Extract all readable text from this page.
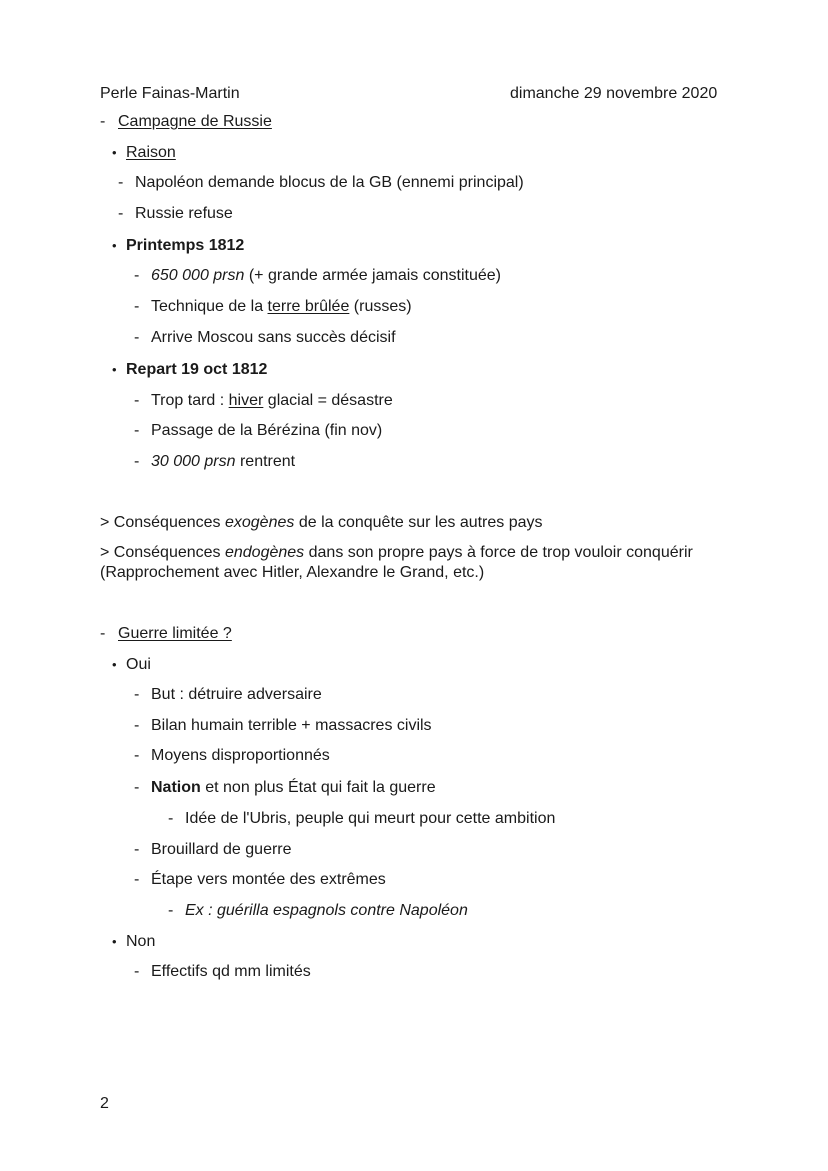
Perle Fainas-Martin	dimanche 29 novembre 2020
- Campagne de Russie
• Raison
- Napoléon demande blocus de la GB (ennemi principal)
- Russie refuse
• Printemps 1812
- 650 000 prsn (+ grande armée jamais constituée)
- Technique de la terre brûlée (russes)
- Arrive Moscou sans succès décisif
• Repart 19 oct 1812
- Trop tard : hiver glacial = désastre
- Passage de la Bérézina (fin nov)
- 30 000 prsn rentrent
> Conséquences exogènes de la conquête sur les autres pays
> Conséquences endogènes dans son propre pays à force de trop vouloir conquérir
(Rapprochement avec Hitler, Alexandre le Grand, etc.)
- Guerre limitée ?
• Oui
- But : détruire adversaire
- Bilan humain terrible + massacres civils
- Moyens disproportionnés
- Nation et non plus État qui fait la guerre
- Idée de l'Ubris, peuple qui meurt pour cette ambition
- Brouillard de guerre
- Étape vers montée des extrêmes
- Ex : guérilla espagnols contre Napoléon
• Non
- Effectifs qd mm limités
2
